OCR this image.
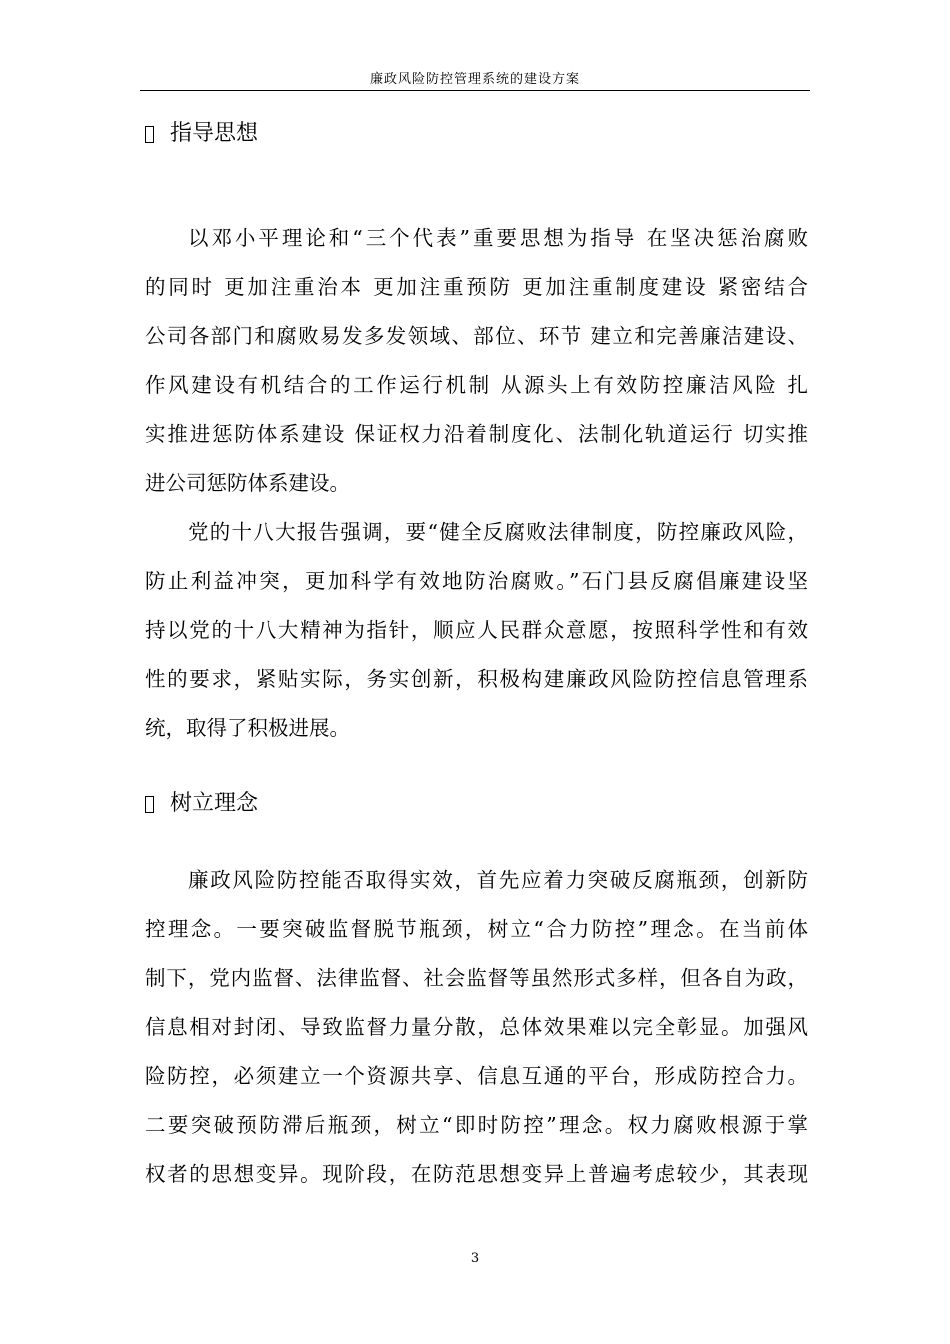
廉政风险防控管理系统的建设方案
指导思想
以邓小平理论和“三个代表”重要思想为指导 在坚决惩治腐败
的同时 更加注重治本 更加注重预防 更加注重制度建设 紧密结合
公司各部门和腐败易发多发领域、部位、环节 建立和完善廉洁建设、
作风建设有机结合的工作运行机制 从源头上有效防控廉洁风险 扎
实推进惩防体系建设 保证权力沿着制度化、法制化轨道运行 切实推
进公司惩防体系建设。
党的十八大报告强调，要“健全反腐败法律制度，防控廉政风险，
防止利益冲突，更加科学有效地防治腐败。”石门县反腐倡廉建设坚
持以党的十八大精神为指针，顺应人民群众意愿，按照科学性和有效
性的要求，紧贴实际，务实创新，积极构建廉政风险防控信息管理系
统，取得了积极进展。
树立理念
廉政风险防控能否取得实效，首先应着力突破反腐瓶颈，创新防
控理念。一要突破监督脱节瓶颈，树立“合力防控”理念。在当前体
制下，党内监督、法律监督、社会监督等虽然形式多样，但各自为政，
信息相对封闭、导致监督力量分散，总体效果难以完全彰显。加强风
险防控，必须建立一个资源共享、信息互通的平台，形成防控合力。
二要突破预防滞后瓶颈，树立“即时防控”理念。权力腐败根源于掌
权者的思想变异。现阶段，在防范思想变异上普遍考虑较少，其表现
3
